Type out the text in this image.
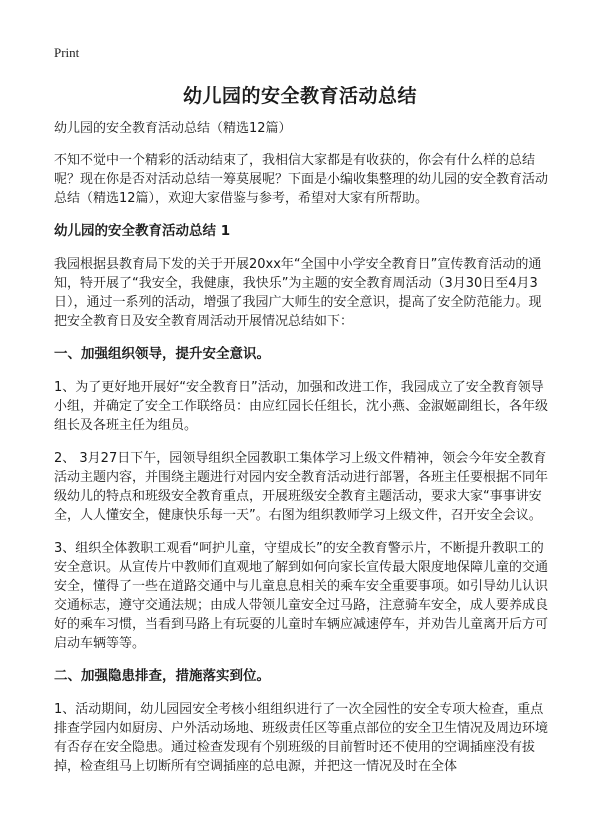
Print
幼儿园的安全教育活动总结

幼儿园的安全教育活动总结（精选12篇）

不知不觉中一个精彩的活动结束了，我相信大家都是有收获的，你会有什么样的总结呢？现在你是否对活动总结一筹莫展呢？下面是小编收集整理的幼儿园的安全教育活动总结（精选12篇），欢迎大家借鉴与参考，希望对大家有所帮助。

幼儿园的安全教育活动总结 1

我园根据县教育局下发的关于开展20xx年“全国中小学安全教育日”宣传教育活动的通知，特开展了“我安全，我健康，我快乐”为主题的安全教育周活动（3月30日至4月3日），通过一系列的活动，增强了我园广大师生的安全意识，提高了安全防范能力。现把安全教育日及安全教育周活动开展情况总结如下：

一、加强组织领导，提升安全意识。

1、为了更好地开展好“安全教育日”活动，加强和改进工作，我园成立了安全教育领导小组，并确定了安全工作联络员：由应红园长任组长，沈小燕、金淑姬副组长，各年级组长及各班主任为组员。

2、 3月27日下午，园领导组织全园教职工集体学习上级文件精神，领会今年安全教育活动主题内容，并围绕主题进行对园内安全教育活动进行部署，各班主任要根据不同年级幼儿的特点和班级安全教育重点，开展班级安全教育主题活动，要求大家“事事讲安全，人人懂安全，健康快乐每一天”。右图为组织教师学习上级文件，召开安全会议。

3、组织全体教职工观看“呵护儿童，守望成长”的安全教育警示片，不断提升教职工的安全意识。从宣传片中教师们直观地了解到如何向家长宣传最大限度地保障儿童的交通安全，懂得了一些在道路交通中与儿童息息相关的乘车安全重要事项。如引导幼儿认识交通标志，遵守交通法规；由成人带领儿童安全过马路，注意骑车安全，成人要养成良好的乘车习惯，当看到马路上有玩耍的儿童时车辆应减速停车，并劝告儿童离开后方可启动车辆等等。

二、加强隐患排查，措施落实到位。

1、活动期间，幼儿园园安全考核小组组织进行了一次全园性的安全专项大检查，重点排查学园内如厨房、户外活动场地、班级责任区等重点部位的安全卫生情况及周边环境有否存在安全隐患。通过检查发现有个别班级的目前暂时还不使用的空调插座没有拔掉，检查组马上切断所有空调插座的总电源，并把这一情况及时在全体
